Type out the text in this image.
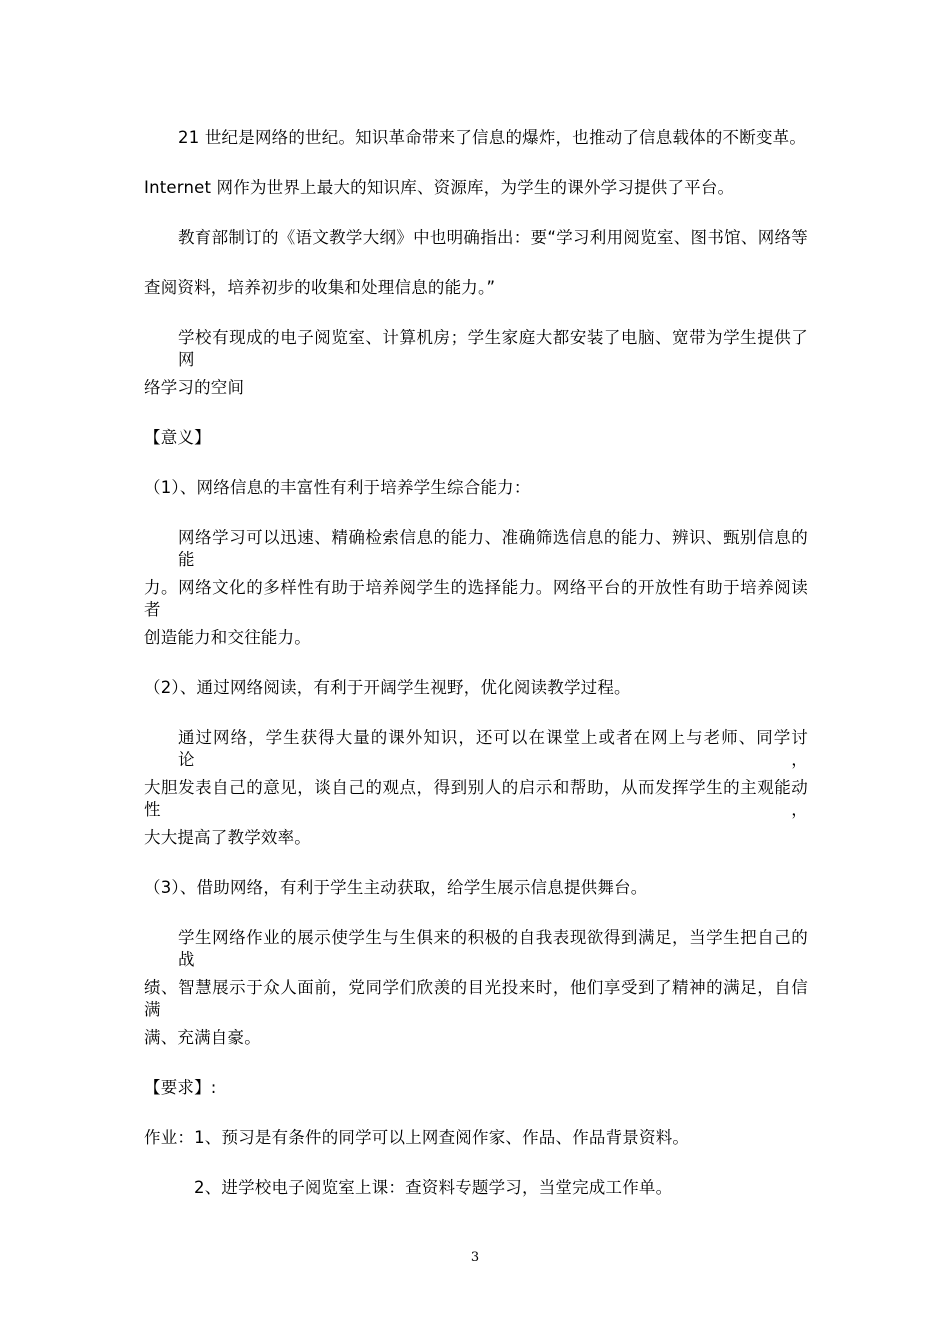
21 世纪是网络的世纪。知识革命带来了信息的爆炸，也推动了信息载体的不断变革。
Internet 网作为世界上最大的知识库、资源库，为学生的课外学习提供了平台。
教育部制订的《语文教学大纲》中也明确指出：要“学习利用阅览室、图书馆、网络等
查阅资料，培养初步的收集和处理信息的能力。”
学校有现成的电子阅览室、计算机房；学生家庭大都安装了电脑、宽带为学生提供了网
络学习的空间
【意义】
（1）、网络信息的丰富性有利于培养学生综合能力：
网络学习可以迅速、精确检索信息的能力、准确筛选信息的能力、辨识、甄别信息的能
力。网络文化的多样性有助于培养阅学生的选择能力。网络平台的开放性有助于培养阅读者
创造能力和交往能力。
（2）、通过网络阅读，有利于开阔学生视野，优化阅读教学过程。
通过网络，学生获得大量的课外知识，还可以在课堂上或者在网上与老师、同学讨论，
大胆发表自己的意见，谈自己的观点，得到别人的启示和帮助，从而发挥学生的主观能动性，
大大提高了教学效率。
（3）、借助网络，有利于学生主动获取，给学生展示信息提供舞台。
学生网络作业的展示使学生与生俱来的积极的自我表现欲得到满足，当学生把自己的战
绩、智慧展示于众人面前，党同学们欣羡的目光投来时，他们享受到了精神的满足，自信满
满、充满自豪。
【要求】:
作业：1、预习是有条件的同学可以上网查阅作家、作品、作品背景资料。
2、进学校电子阅览室上课：查资料专题学习，当堂完成工作单。
3
